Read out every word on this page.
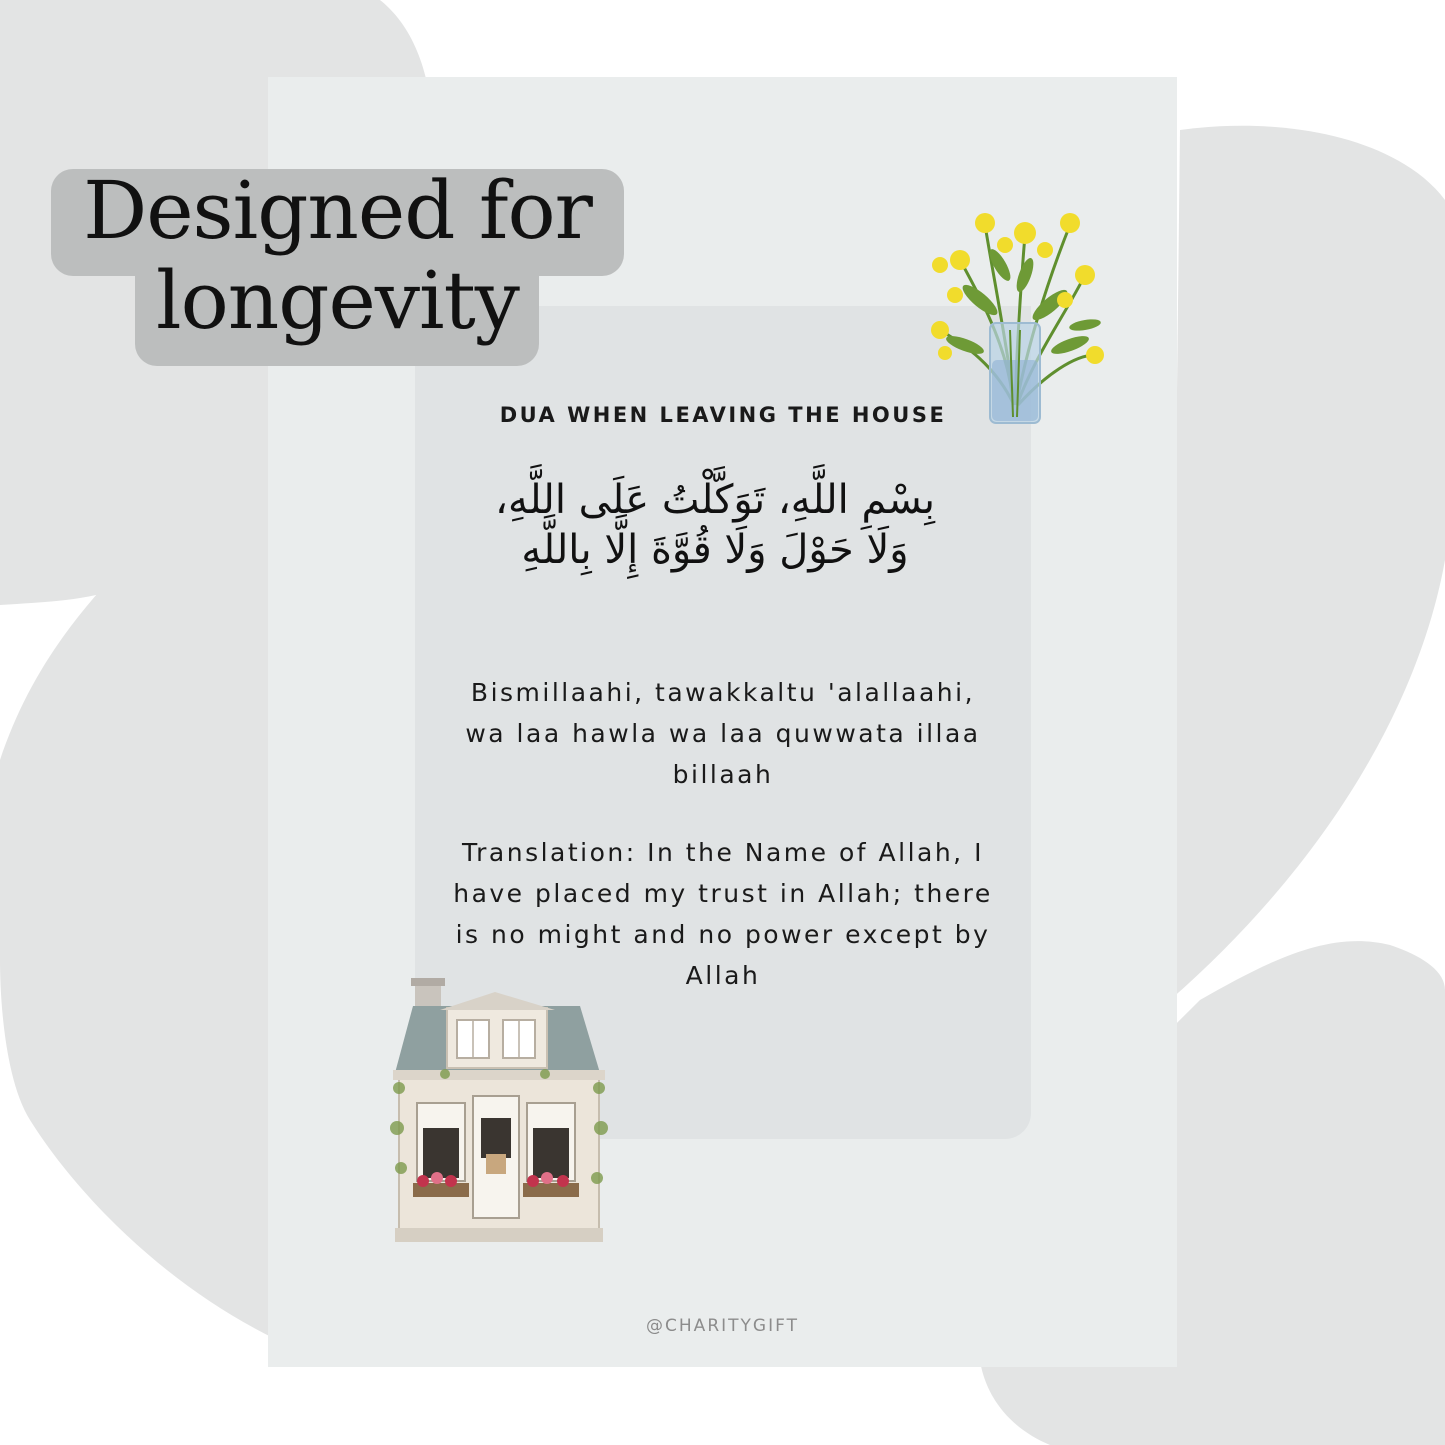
Designed for
longevity
DUA WHEN LEAVING THE HOUSE
بِسْمِ اللَّهِ، تَوَكَّلْتُ عَلَى اللَّهِ، وَلَا حَوْلَ وَلَا قُوَّةَ إِلَّا بِاللَّهِ
Bismillaahi, tawakkaltu 'alallaahi, wa laa hawla wa laa quwwata illaa billaah
Translation: In the Name of Allah, I have placed my trust in Allah; there is no might and no power except by Allah
@CHARITYGIFT
